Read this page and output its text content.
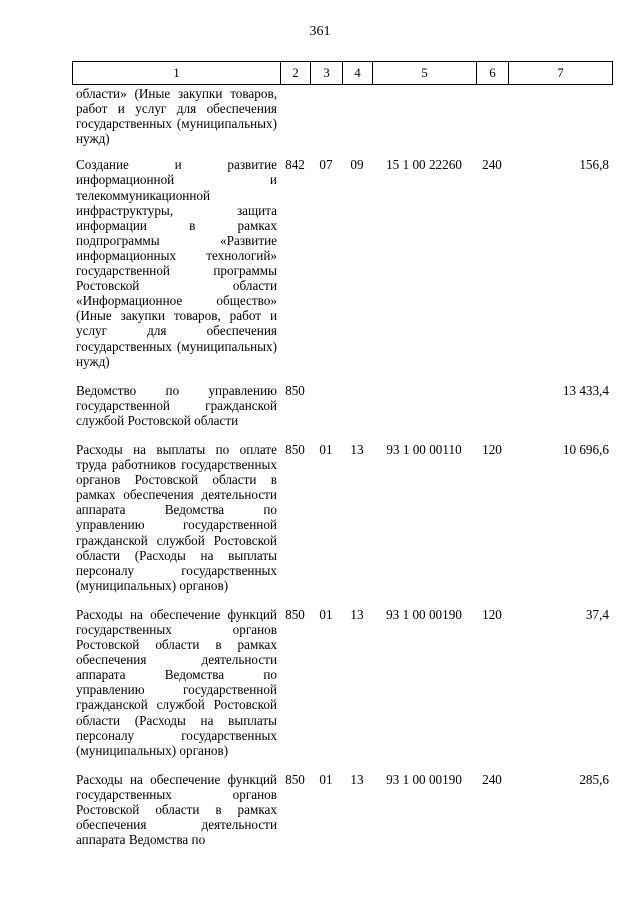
361
1	2	3	4	5	6	7
области» (Иные закупки товаров, работ и услуг для обеспечения государственных (муниципальных) нужд)						
Создание и развитие информационной и телекоммуникационной инфраструктуры, защита информации в рамках подпрограммы «Развитие информационных технологий» государственной программы Ростовской области «Информационное общество» (Иные закупки товаров, работ и услуг для обеспечения государственных (муниципальных) нужд)	842	07	09	15 1 00 22260	240	156,8
Ведомство по управлению государственной гражданской службой Ростовской области	850					13 433,4
Расходы на выплаты по оплате труда работников государственных органов Ростовской области в рамках обеспечения деятельности аппарата Ведомства по управлению государственной гражданской службой Ростовской области (Расходы на выплаты персоналу государственных (муниципальных) органов)	850	01	13	93 1 00 00110	120	10 696,6
Расходы на обеспечение функций государственных органов Ростовской области в рамках обеспечения деятельности аппарата Ведомства по управлению государственной гражданской службой Ростовской области (Расходы на выплаты персоналу государственных (муниципальных) органов)	850	01	13	93 1 00 00190	120	37,4
Расходы на обеспечение функций государственных органов Ростовской области в рамках обеспечения деятельности аппарата Ведомства по	850	01	13	93 1 00 00190	240	285,6
